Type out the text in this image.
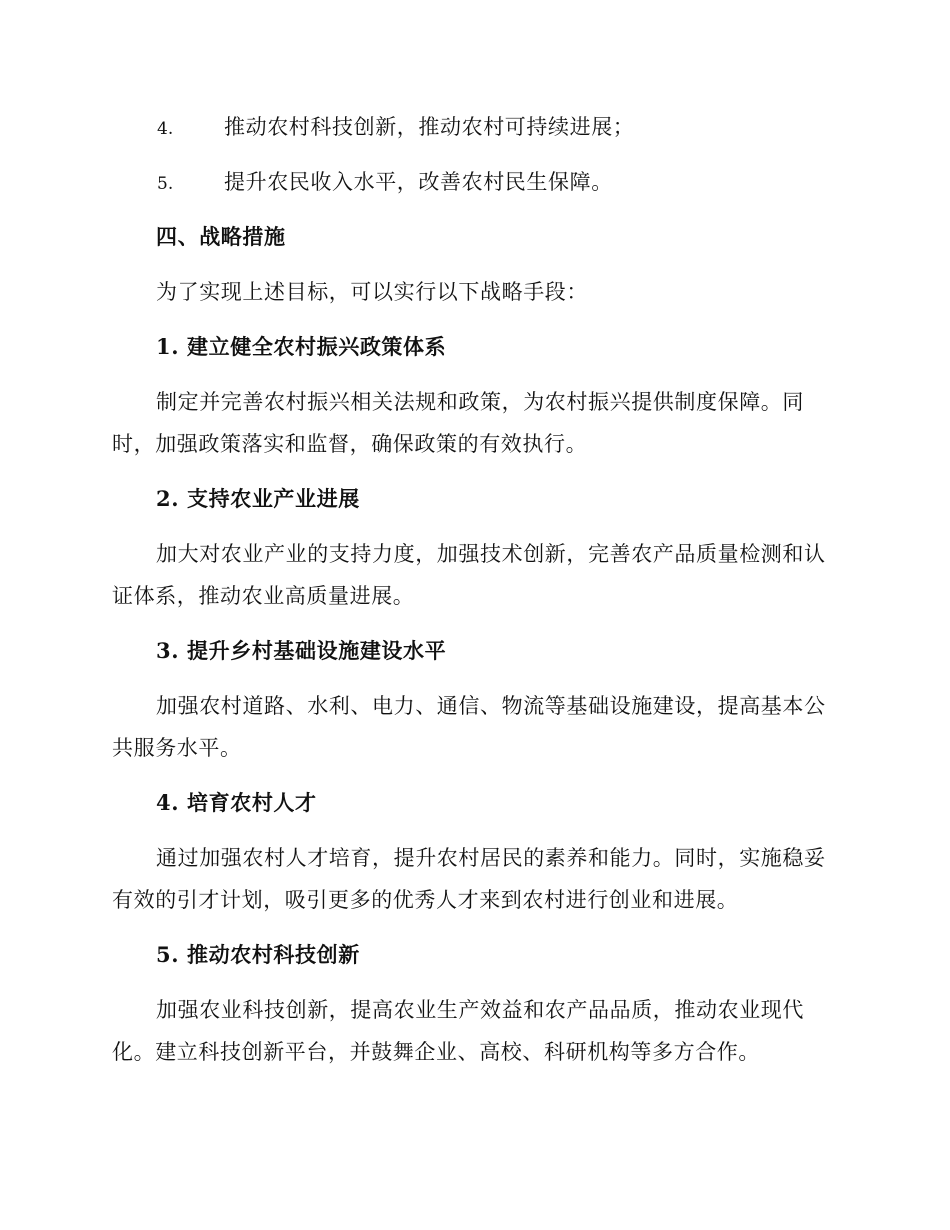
4. 推动农村科技创新，推动农村可持续进展；
5. 提升农民收入水平，改善农村民生保障。
四、战略措施
为了实现上述目标，可以实行以下战略手段：
1. 建立健全农村振兴政策体系
制定并完善农村振兴相关法规和政策，为农村振兴提供制度保障。同
时，加强政策落实和监督，确保政策的有效执行。
2. 支持农业产业进展
加大对农业产业的支持力度，加强技术创新，完善农产品质量检测和认
证体系，推动农业高质量进展。
3. 提升乡村基础设施建设水平
加强农村道路、水利、电力、通信、物流等基础设施建设，提高基本公
共服务水平。
4. 培育农村人才
通过加强农村人才培育，提升农村居民的素养和能力。同时，实施稳妥
有效的引才计划，吸引更多的优秀人才来到农村进行创业和进展。
5. 推动农村科技创新
加强农业科技创新，提高农业生产效益和农产品品质，推动农业现代
化。建立科技创新平台，并鼓舞企业、高校、科研机构等多方合作。
